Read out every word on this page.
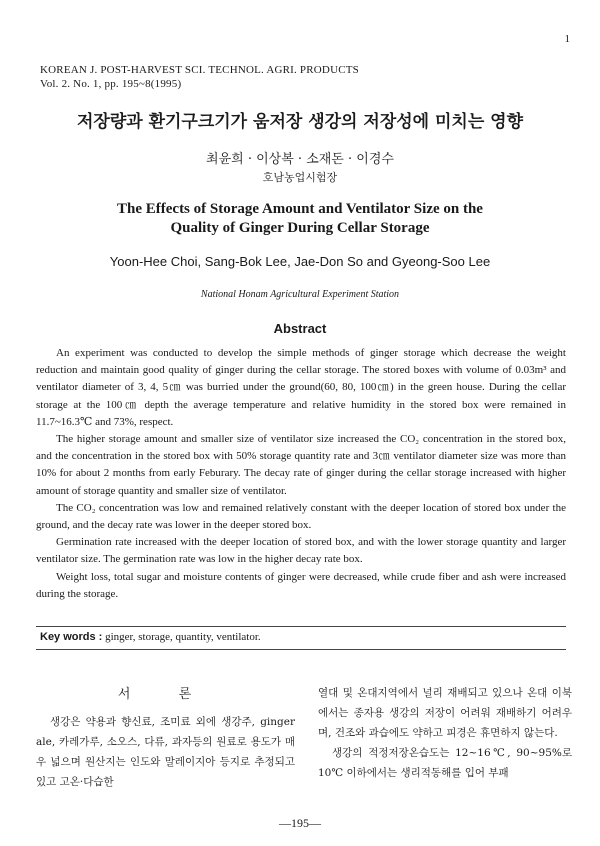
1
KOREAN J. POST-HARVEST SCI. TECHNOL. AGRI. PRODUCTS
Vol. 2. No. 1, pp. 195~8(1995)
저장량과 환기구크기가 움저장 생강의 저장성에 미치는 영향
최윤희 · 이상복 · 소재돈 · 이경수
호남농업시험장
The Effects of Storage Amount and Ventilator Size on the
Quality of Ginger During Cellar Storage
Yoon-Hee Choi, Sang-Bok Lee, Jae-Don So and Gyeong-Soo Lee
National Honam Agricultural Experiment Station
Abstract

An experiment was conducted to develop the simple methods of ginger storage which decrease the weight reduction and maintain good quality of ginger during the cellar storage. The stored boxes with volume of 0.03m³ and ventilator diameter of 3, 4, 5㎝ was burried under the ground(60, 80, 100㎝) in the green house. During the cellar storage at the 100㎝ depth the average temperature and relative humidity in the stored box were remained in 11.7~16.3℃ and 73%, respect.

The higher storage amount and smaller size of ventilator size increased the CO₂ concentration in the stored box, and the concentration in the stored box with 50% storage quantity rate and 3㎝ ventilator diameter size was more than 10% for about 2 months from early Feburary. The decay rate of ginger during the cellar storage increased with higher amount of storage quantity and smaller size of ventilator.

The CO₂ concentration was low and remained relatively constant with the deeper location of stored box under the ground, and the decay rate was lower in the deeper stored box.

Germination rate increased with the deeper location of stored box, and with the lower storage quantity and larger ventilator size. The germination rate was low in the higher decay rate box.

Weight loss, total sugar and moisture contents of ginger were decreased, while crude fiber and ash were increased during the storage.

Key words : ginger, storage, quantity, ventilator.
서 론

생강은 약용과 향신료, 조미료 외에 생강주, ginger ale, 카레가루, 소오스, 다류, 과자등의 원료로 용도가 매우 넓으며 원산지는 인도와 말레이지아 등지로 추정되고 있고 고온·다습한

열대 및 온대지역에서 널리 재배되고 있으나 온대 이북에서는 종자용 생강의 저장이 어려워 재배하기 어려우며, 건조와 과습에도 약하고 피경은 휴면하지 않는다.

생강의 적정저장온습도는 12~16℃, 90~95%로 10℃ 이하에서는 생리적동해를 입어 부패

—195—
